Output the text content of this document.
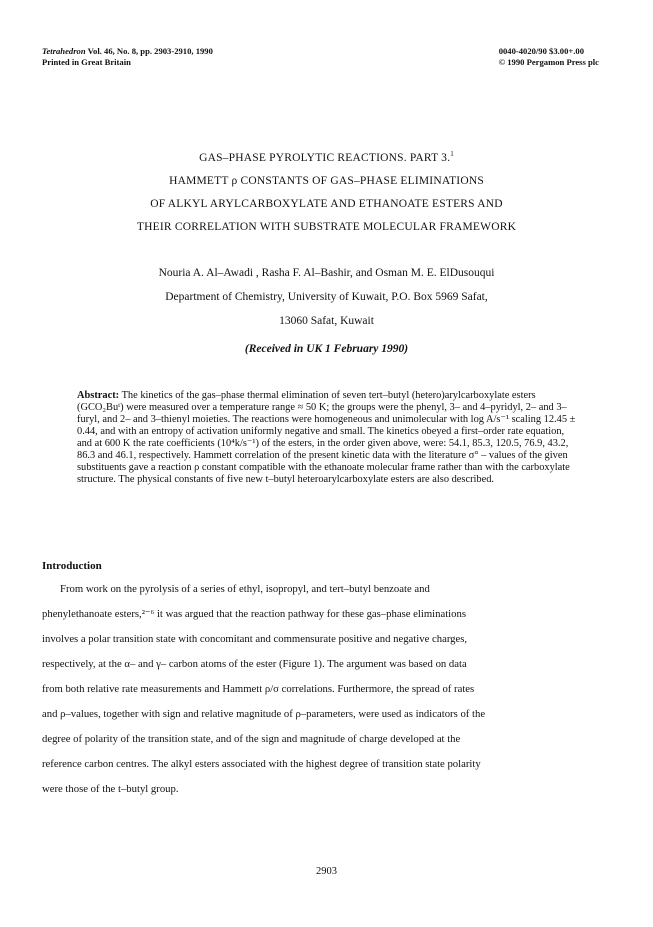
Tetrahedron Vol. 46, No. 8, pp. 2903-2910, 1990
Printed in Great Britain
0040-4020/90 $3.00+.00
© 1990 Pergamon Press plc
GAS–PHASE PYROLYTIC REACTIONS. PART 3.$^1$
HAMMETT ρ CONSTANTS OF GAS–PHASE ELIMINATIONS
OF ALKYL ARYLCARBOXYLATE AND ETHANOATE ESTERS AND
THEIR CORRELATION WITH SUBSTRATE MOLECULAR FRAMEWORK
Nouria A. Al–Awadi , Rasha F. Al–Bashir, and Osman M. E. ElDusouqui
Department of Chemistry, University of Kuwait, P.O. Box 5969 Safat,
13060 Safat, Kuwait
(Received in UK 1 February 1990)
Abstract: The kinetics of the gas–phase thermal elimination of seven tert–butyl (hetero)arylcarboxylate esters (GCO₂Buᵗ) were measured over a temperature range ≈ 50 K; the groups were the phenyl, 3– and 4–pyridyl, 2– and 3–furyl, and 2– and 3–thienyl moieties. The reactions were homogeneous and unimolecular with log A/s⁻¹ scaling 12.45 ± 0.44, and with an entropy of activation uniformly negative and small. The kinetics obeyed a first–order rate equation, and at 600 K the rate coefficients (10⁴k/s⁻¹) of the esters, in the order given above, were: 54.1, 85.3, 120.5, 76.9, 43.2, 86.3 and 46.1, respectively. Hammett correlation of the present kinetic data with the literature σ° – values of the given substituents gave a reaction ρ constant compatible with the ethanoate molecular frame rather than with the carboxylate structure. The physical constants of five new t–butyl heteroarylcarboxylate esters are also described.
Introduction
From work on the pyrolysis of a series of ethyl, isopropyl, and tert–butyl benzoate and
phenylethanoate esters,²⁻⁶ it was argued that the reaction pathway for these gas–phase eliminations
involves a polar transition state with concomitant and commensurate positive and negative charges,
respectively, at the α– and γ– carbon atoms of the ester (Figure 1). The argument was based on data
from both relative rate measurements and Hammett ρ/σ correlations. Furthermore, the spread of rates
and ρ–values, together with sign and relative magnitude of ρ–parameters, were used as indicators of the
degree of polarity of the transition state, and of the sign and magnitude of charge developed at the
reference carbon centres. The alkyl esters associated with the highest degree of transition state polarity
were those of the t–butyl group.
2903
